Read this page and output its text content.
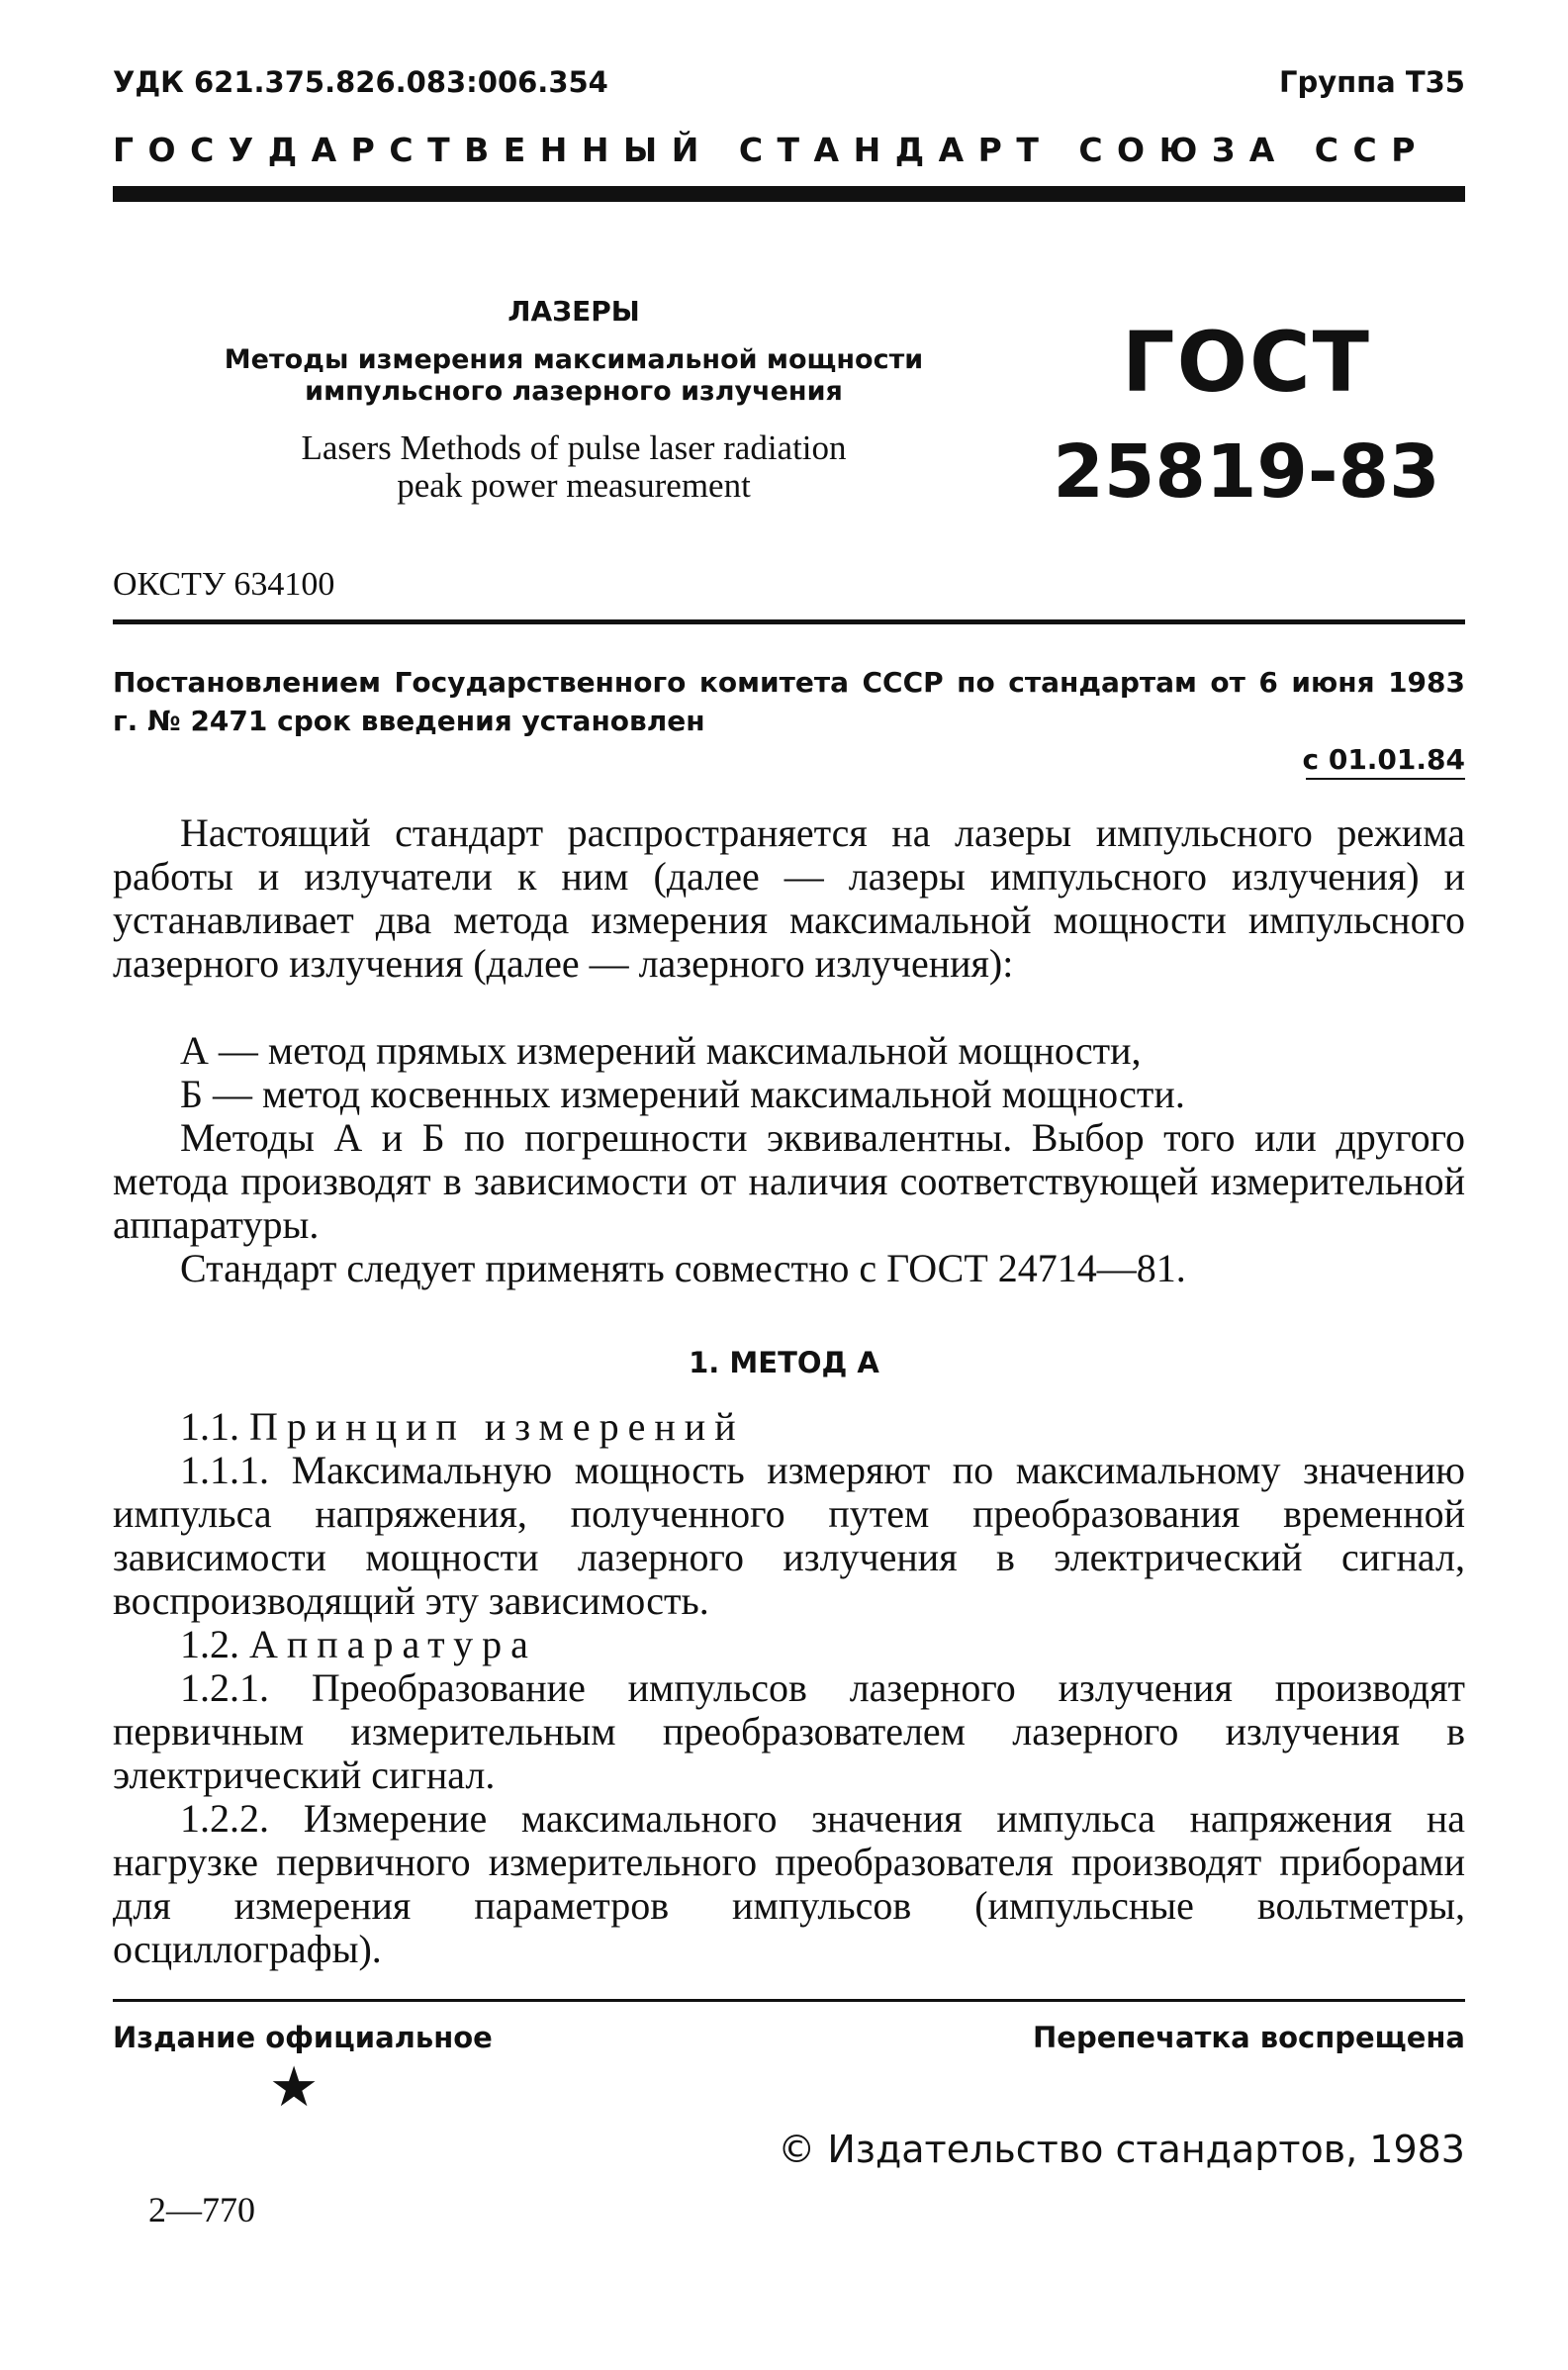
УДК 621.375.826.083:006.354	Группа Т35
ГОСУДАРСТВЕННЫЙ СТАНДАРТ СОЮЗА ССР
ЛАЗЕРЫ
Методы измерения максимальной мощности
импульсного лазерного излучения
Lasers Methods of pulse laser radiation
peak power measurement
ГОСТ
25819-83
ОКСТУ 634100
Постановлением Государственного комитета СССР по стандартам от 6 июня 1983 г. № 2471 срок введения установлен
с 01.01.84
Настоящий стандарт распространяется на лазеры импульсного режима работы и излучатели к ним (далее — лазеры импульсного излучения) и устанавливает два метода измерения максимальной мощности импульсного лазерного излучения (далее — лазерного излучения):

А — метод прямых измерений максимальной мощности,

Б — метод косвенных измерений максимальной мощности.

Методы А и Б по погрешности эквивалентны. Выбор того или другого метода производят в зависимости от наличия соответствующей измерительной аппаратуры.

Стандарт следует применять совместно с ГОСТ 24714—81.

1. МЕТОД А

1.1. Принцип измерений

1.1.1. Максимальную мощность измеряют по максимальному значению импульса напряжения, полученного путем преобразования временной зависимости мощности лазерного излучения в электрический сигнал, воспроизводящий эту зависимость.

1.2. Аппаратура

1.2.1. Преобразование импульсов лазерного излучения производят первичным измерительным преобразователем лазерного излучения в электрический сигнал.

1.2.2. Измерение максимального значения импульса напряжения на нагрузке первичного измерительного преобразователя производят приборами для измерения параметров импульсов (импульсные вольтметры, осциллографы).

Издание официальное	Перепечатка воспрещена
★
© Издательство стандартов, 1983
2—770
